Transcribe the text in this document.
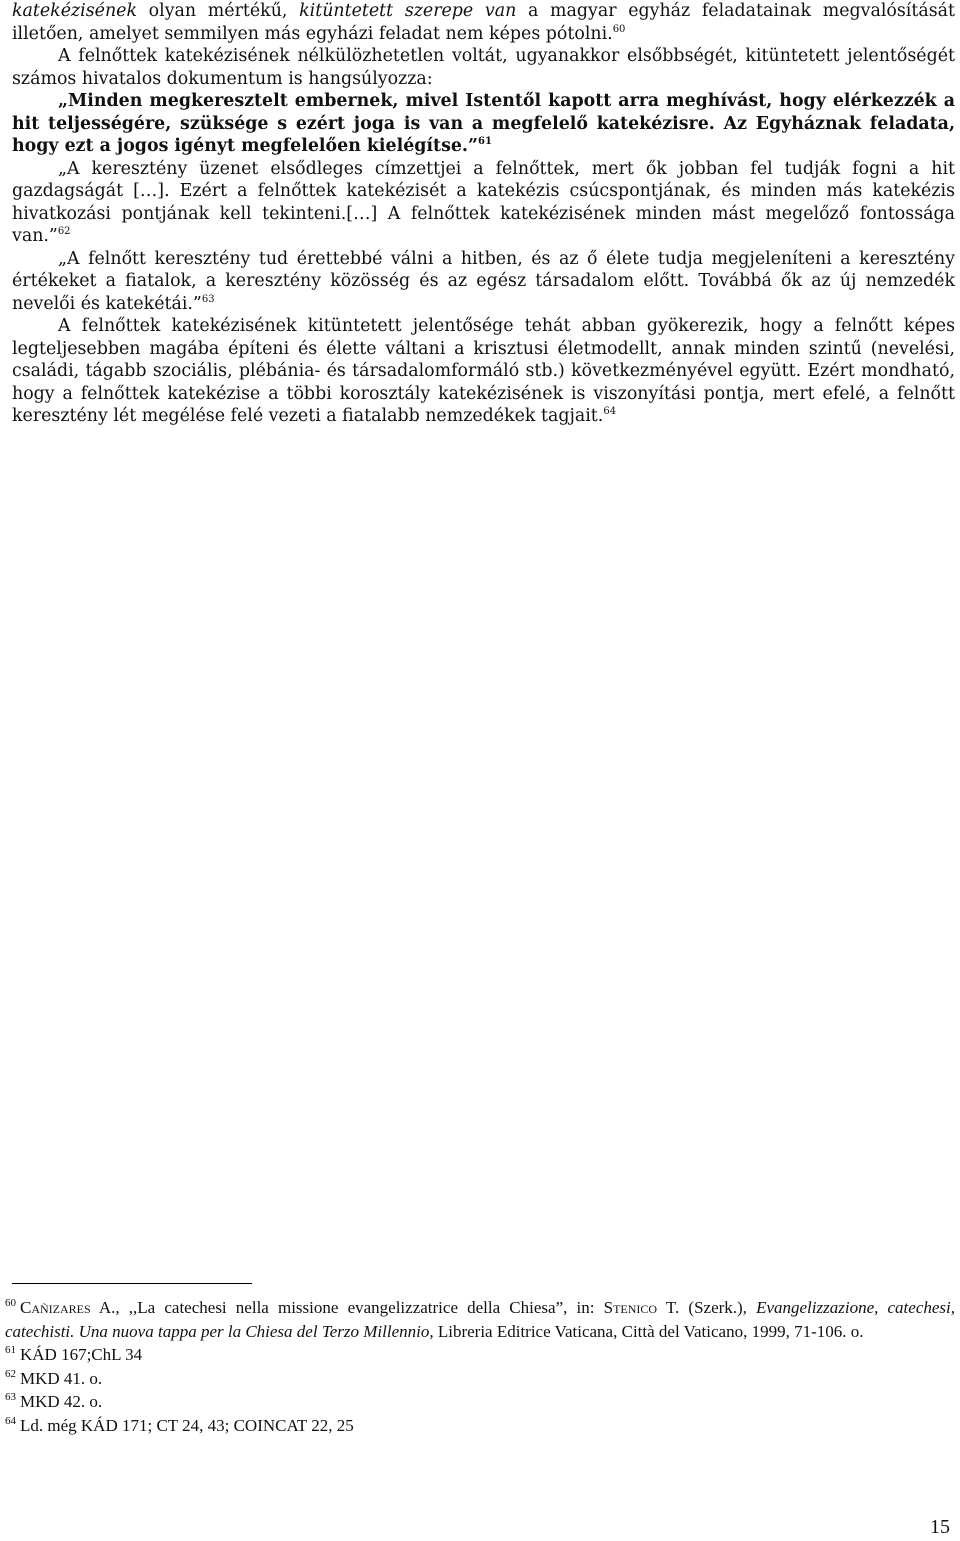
katekézisének olyan mértékű, kitüntetett szerepe van a magyar egyház feladatainak megvalósítását illetően, amelyet semmilyen más egyházi feladat nem képes pótolni.$^{60}$

A felnőttek katekézisének nélkülözhetetlen voltát, ugyanakkor elsőbbségét, kitüntetett jelentőségét számos hivatalos dokumentum is hangsúlyozza:

„Minden megkeresztelt embernek, mivel Istentől kapott arra meghívást, hogy elérkezzék a hit teljességére, szüksége s ezért joga is van a megfelelő katekézisre. Az Egyháznak feladata, hogy ezt a jogos igényt megfelelően kielégítse.”$^{61}$

„A keresztény üzenet elsődleges címzettjei a felnőttek, mert ők jobban fel tudják fogni a hit gazdagságát […]. Ezért a felnőttek katekézisét a katekézis csúcspontjának, és minden más katekézis hivatkozási pontjának kell tekinteni.[…] A felnőttek katekézisének minden mást megelőző fontossága van.”$^{62}$

„A felnőtt keresztény tud érettebbé válni a hitben, és az ő élete tudja megjeleníteni a keresztény értékeket a fiatalok, a keresztény közösség és az egész társadalom előtt. Továbbá ők az új nemzedék nevelői és katekétái.”$^{63}$

A felnőttek katekézisének kitüntetett jelentősége tehát abban gyökerezik, hogy a felnőtt képes legteljesebben magába építeni és élette váltani a krisztusi életmodellt, annak minden szintű (nevelési, családi, tágabb szociális, plébánia- és társadalomformáló stb.) következményével együtt. Ezért mondható, hogy a felnőttek katekézise a többi korosztály katekézisének is viszonyítási pontja, mert efelé, a felnőtt keresztény lét megélése felé vezeti a fiatalabb nemzedékek tagjait.$^{64}$

$^{60}$ Cañizares A., ,,La catechesi nella missione evangelizzatrice della Chiesa”, in: Stenico T. (Szerk.), Evangelizzazione, catechesi, catechisti. Una nuova tappa per la Chiesa del Terzo Millennio, Libreria Editrice Vaticana, Città del Vaticano, 1999, 71-106. o.

$^{61}$ KÁD 167;ChL 34

$^{62}$ MKD 41. o.

$^{63}$ MKD 42. o.

$^{64}$ Ld. még KÁD 171; CT 24, 43; COINCAT 22, 25

15
